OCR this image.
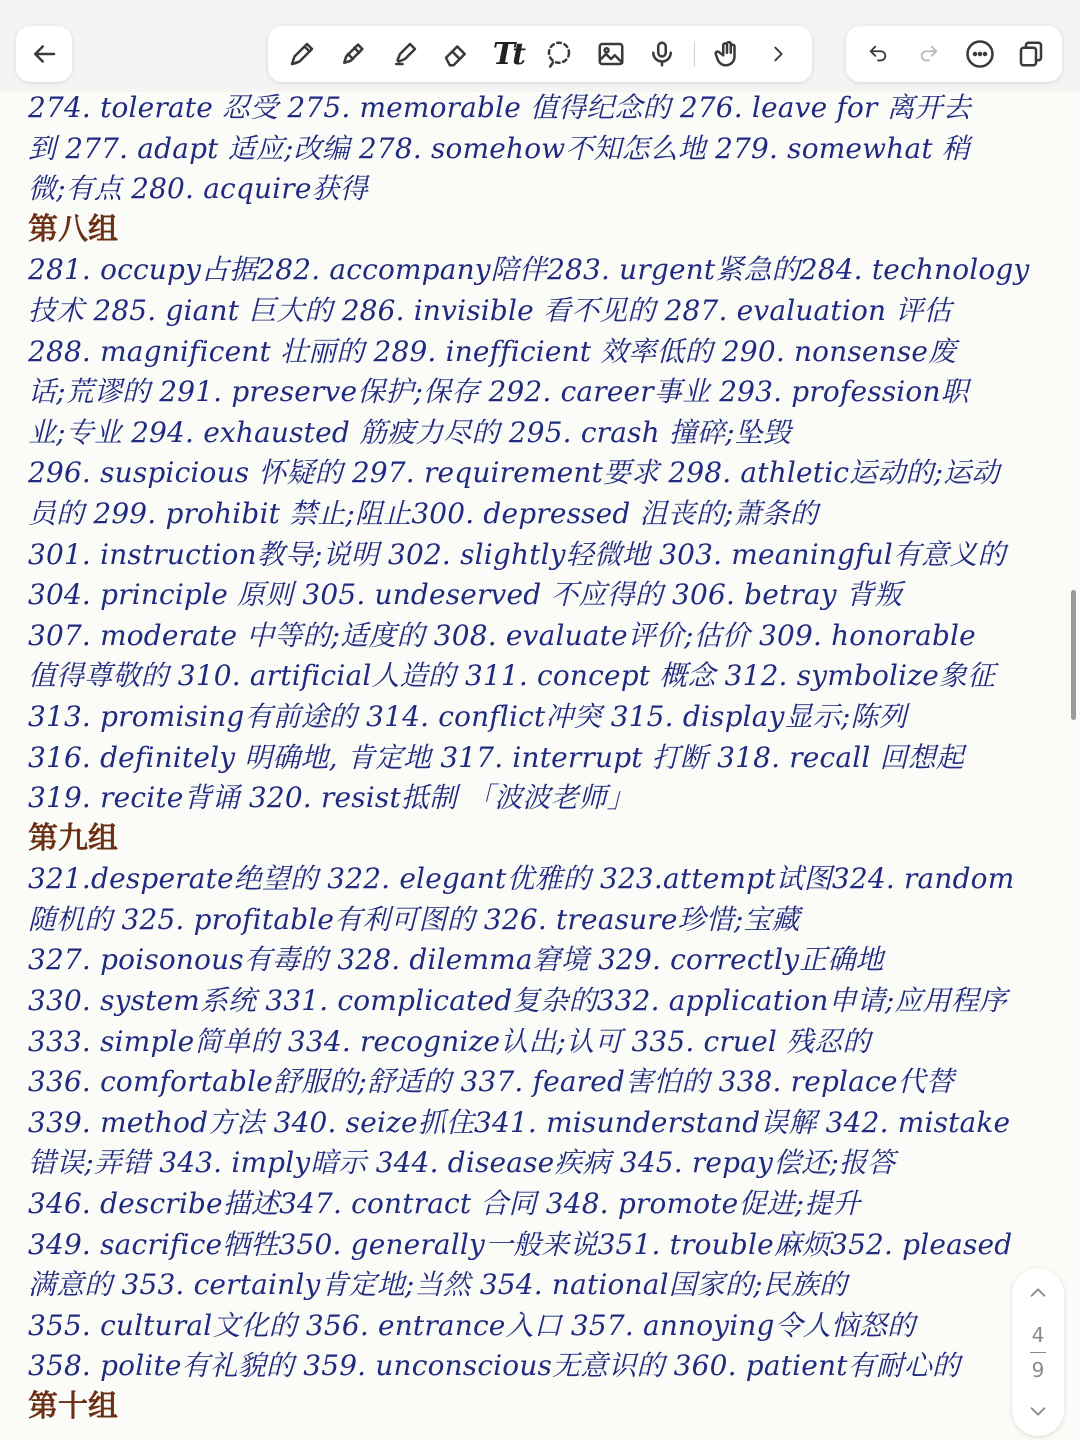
Tt
274. tolerate 忍受 275. memorable 值得纪念的 276. leave for 离开去
到 277. adapt 适应;改编 278. somehow不知怎么地 279. somewhat 稍
微;有点 280. acquire获得
第八组
281. occupy占据282. accompany陪伴283. urgent紧急的284. technology
技术 285. giant 巨大的 286. invisible 看不见的 287. evaluation 评估
288. magnificent 壮丽的 289. inefficient 效率低的 290. nonsense废
话;荒谬的 291. preserve保护;保存 292. career事业 293. profession职
业;专业 294. exhausted 筋疲力尽的 295. crash 撞碎;坠毁
296. suspicious 怀疑的 297. requirement要求 298. athletic运动的;运动
员的 299. prohibit 禁止;阻止300. depressed 沮丧的;萧条的
301. instruction教导;说明 302. slightly轻微地 303. meaningful有意义的
304. principle 原则 305. undeserved 不应得的 306. betray 背叛
307. moderate 中等的;适度的 308. evaluate评价;估价 309. honorable
值得尊敬的 310. artificial人造的 311. concept 概念 312. symbolize象征
313. promising有前途的 314. conflict冲突 315. display显示;陈列
316. definitely 明确地, 肯定地 317. interrupt 打断 318. recall 回想起
319. recite背诵 320. resist抵制 「波波老师」
第九组
321.desperate绝望的 322. elegant优雅的 323.attempt试图324. random
随机的 325. profitable有利可图的 326. treasure珍惜;宝藏
327. poisonous有毒的 328. dilemma窘境 329. correctly正确地
330. system系统 331. complicated复杂的332. application申请;应用程序
333. simple简单的 334. recognize认出;认可 335. cruel 残忍的
336. comfortable舒服的;舒适的 337. feared害怕的 338. replace代替
339. method方法 340. seize抓住341. misunderstand误解 342. mistake
错误;弄错 343. imply暗示 344. disease疾病 345. repay偿还;报答
346. describe描述347. contract 合同 348. promote促进;提升
349. sacrifice牺牲350. generally一般来说351. trouble麻烦352. pleased
满意的 353. certainly肯定地;当然 354. national国家的;民族的
355. cultural文化的 356. entrance入口 357. annoying令人恼怒的
358. polite有礼貌的 359. unconscious无意识的 360. patient有耐心的
第十组
4
9
